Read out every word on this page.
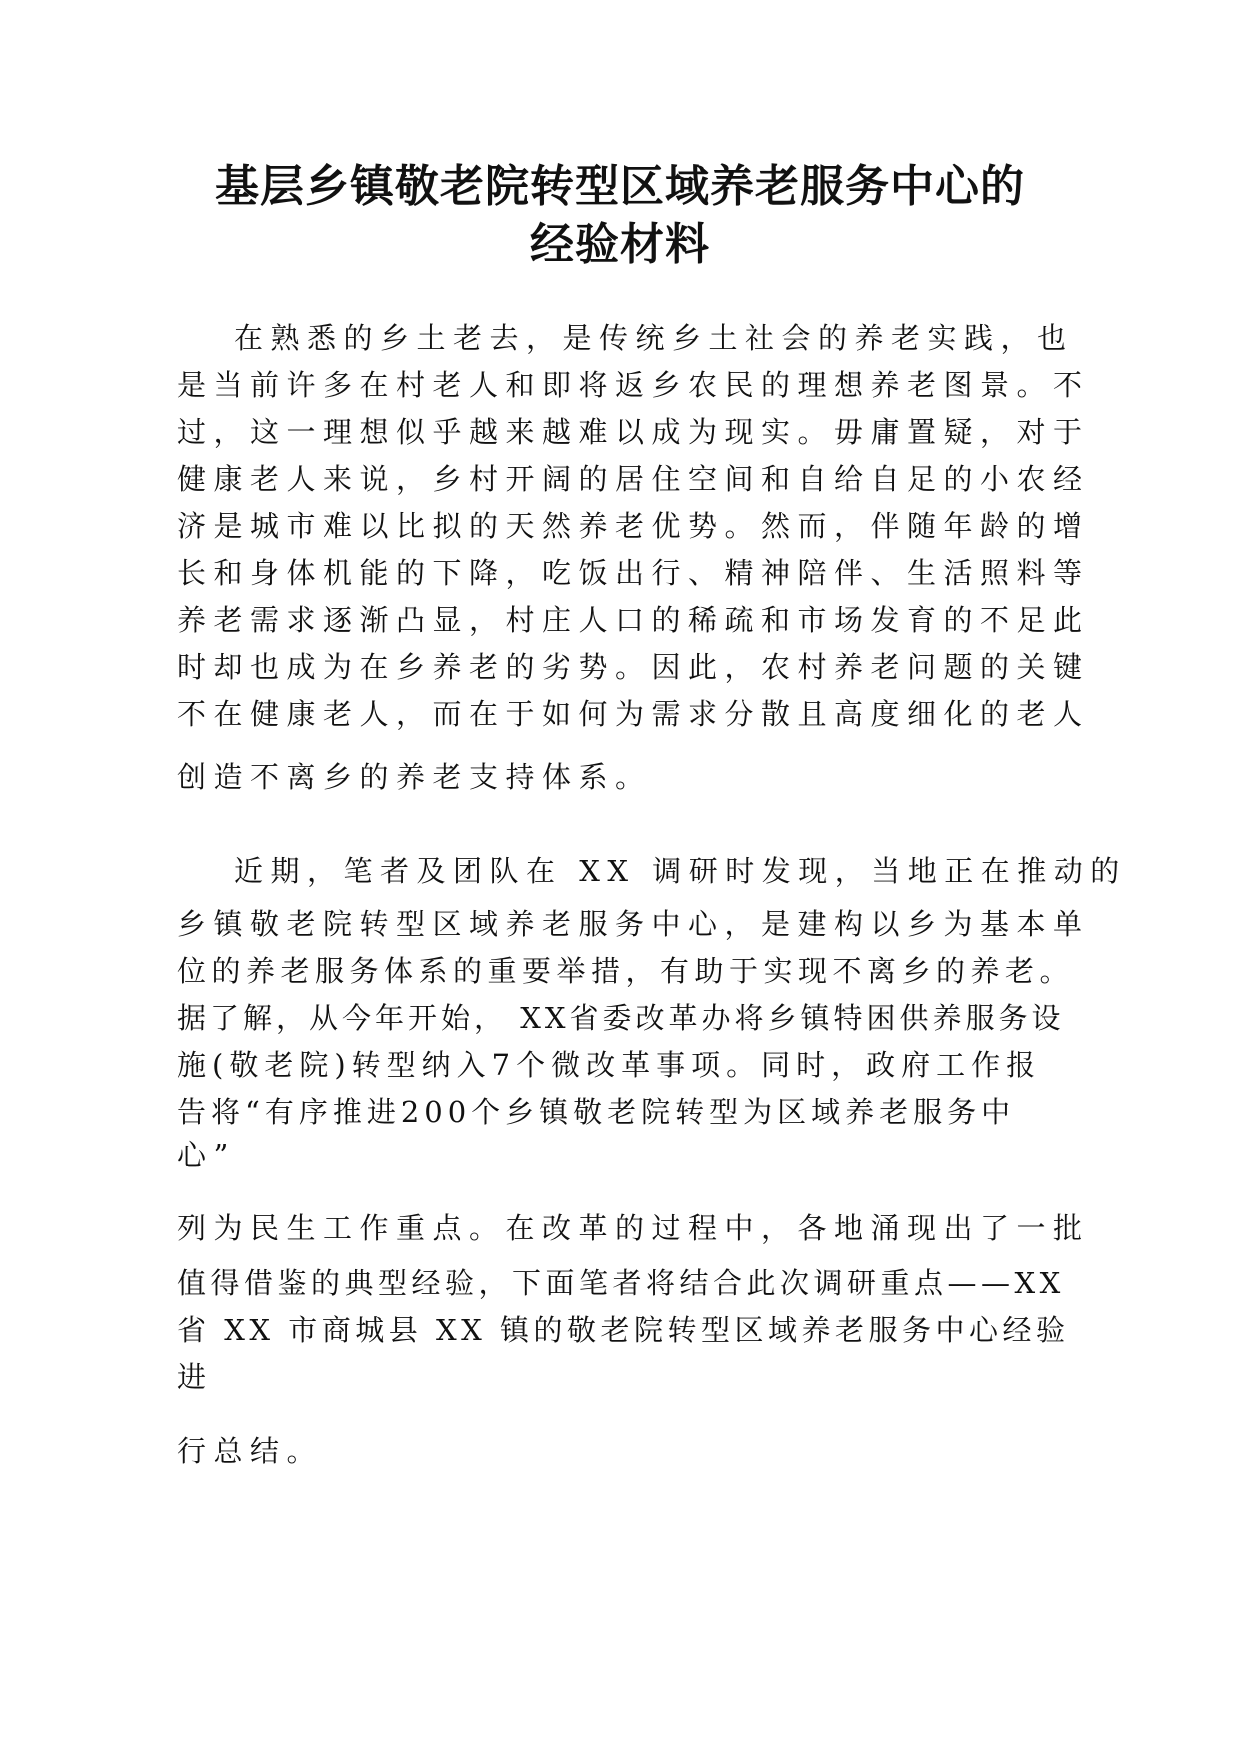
基层乡镇敬老院转型区域养老服务中心的
经验材料
在熟悉的乡土老去，是传统乡土社会的养老实践，也
是当前许多在村老人和即将返乡农民的理想养老图景。不
过，这一理想似乎越来越难以成为现实。毋庸置疑，对于
健康老人来说，乡村开阔的居住空间和自给自足的小农经
济是城市难以比拟的天然养老优势。然而，伴随年龄的增
长和身体机能的下降，吃饭出行、精神陪伴、生活照料等
养老需求逐渐凸显，村庄人口的稀疏和市场发育的不足此
时却也成为在乡养老的劣势。因此，农村养老问题的关键
不在健康老人，而在于如何为需求分散且高度细化的老人
创造不离乡的养老支持体系。
近期，笔者及团队在 XX 调研时发现，当地正在推动的
乡镇敬老院转型区域养老服务中心，是建构以乡为基本单
位的养老服务体系的重要举措，有助于实现不离乡的养老。
据了解，从今年开始， XX省委改革办将乡镇特困供养服务设
施(敬老院)转型纳入7个微改革事项。同时，政府工作报
告将“有序推进200个乡镇敬老院转型为区域养老服务中
心”
列为民生工作重点。在改革的过程中，各地涌现出了一批
值得借鉴的典型经验，下面笔者将结合此次调研重点——XX
省 XX 市商城县 XX 镇的敬老院转型区域养老服务中心经验
进
行总结。
